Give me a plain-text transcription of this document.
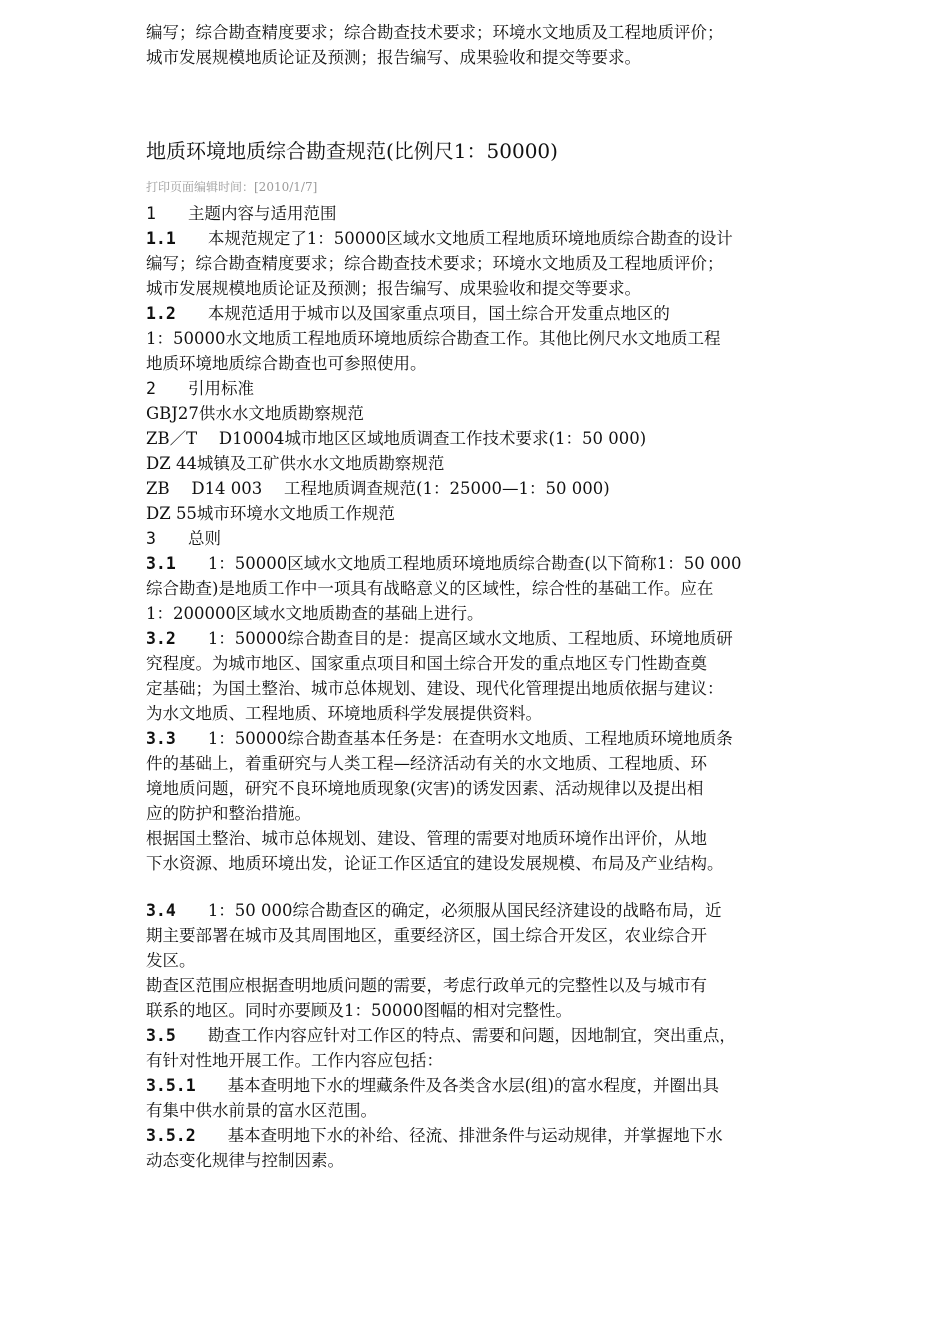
编写；综合勘查精度要求；综合勘查技术要求；环境水文地质及工程地质评价；
城市发展规模地质论证及预测；报告编写、成果验收和提交等要求。
地质环境地质综合勘查规范(比例尺1：50000)
打印页面编辑时间：[2010/1/7]
1 主题内容与适用范围
1.1 本规范规定了1：50000区域水文地质工程地质环境地质综合勘查的设计
编写；综合勘查精度要求；综合勘查技术要求；环境水文地质及工程地质评价；
城市发展规模地质论证及预测；报告编写、成果验收和提交等要求。
1.2 本规范适用于城市以及国家重点项目，国土综合开发重点地区的
1：50000水文地质工程地质环境地质综合勘查工作。其他比例尺水文地质工程
地质环境地质综合勘查也可参照使用。
2 引用标准
GBJ27供水水文地质勘察规范
ZB／T　 D10004城市地区区域地质调查工作技术要求(1：50 000)
DZ 44城镇及工矿供水水文地质勘察规范
ZB　 D14 003　 工程地质调查规范(1：25000—1：50 000)
DZ 55城市环境水文地质工作规范
3 总则
3.1 1：50000区域水文地质工程地质环境地质综合勘查(以下简称1：50 000
综合勘查)是地质工作中一项具有战略意义的区域性，综合性的基础工作。应在
1：200000区域水文地质勘查的基础上进行。
3.2 1：50000综合勘查目的是：提高区域水文地质、工程地质、环境地质研
究程度。为城市地区、国家重点项目和国土综合开发的重点地区专门性勘查奠
定基础；为国土整治、城市总体规划、建设、现代化管理提出地质依据与建议：
为水文地质、工程地质、环境地质科学发展提供资料。
3.3 1：50000综合勘查基本任务是：在查明水文地质、工程地质环境地质条
件的基础上，着重研究与人类工程—经济活动有关的水文地质、工程地质、环
境地质问题，研究不良环境地质现象(灾害)的诱发因素、活动规律以及提出相
应的防护和整治措施。
根据国土整治、城市总体规划、建设、管理的需要对地质环境作出评价，从地
下水资源、地质环境出发，论证工作区适宜的建设发展规模、布局及产业结构。
3.4 1：50 000综合勘查区的确定，必须服从国民经济建设的战略布局，近
期主要部署在城市及其周围地区，重要经济区，国土综合开发区，农业综合开
发区。
勘查区范围应根据查明地质问题的需要，考虑行政单元的完整性以及与城市有
联系的地区。同时亦要顾及1：50000图幅的相对完整性。
3.5 勘查工作内容应针对工作区的特点、需要和问题，因地制宜，突出重点，
有针对性地开展工作。工作内容应包括：
3.5.1 基本查明地下水的埋藏条件及各类含水层(组)的富水程度，并圈出具
有集中供水前景的富水区范围。
3.5.2 基本查明地下水的补给、径流、排泄条件与运动规律，并掌握地下水
动态变化规律与控制因素。
